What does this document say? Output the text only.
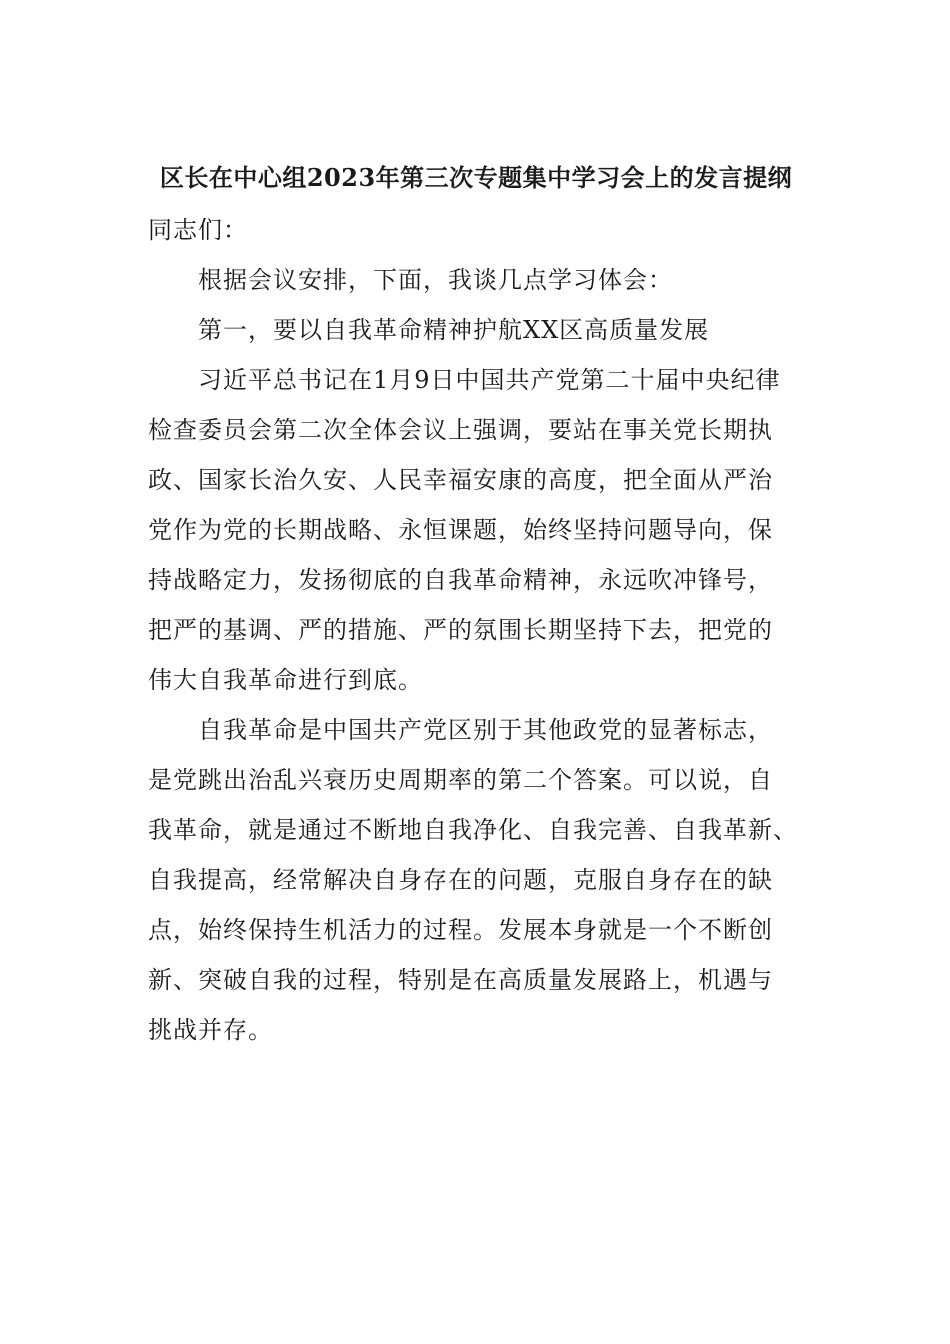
区长在中心组2023年第三次专题集中学习会上的发言提纲
同志们：
根据会议安排，下面，我谈几点学习体会：
第一，要以自我革命精神护航XX区高质量发展
习近平总书记在1月9日中国共产党第二十届中央纪律
检查委员会第二次全体会议上强调，要站在事关党长期执
政、国家长治久安、人民幸福安康的高度，把全面从严治
党作为党的长期战略、永恒课题，始终坚持问题导向，保
持战略定力，发扬彻底的自我革命精神，永远吹冲锋号，
把严的基调、严的措施、严的氛围长期坚持下去，把党的
伟大自我革命进行到底。
自我革命是中国共产党区别于其他政党的显著标志，
是党跳出治乱兴衰历史周期率的第二个答案。可以说，自
我革命，就是通过不断地自我净化、自我完善、自我革新、
自我提高，经常解决自身存在的问题，克服自身存在的缺
点，始终保持生机活力的过程。发展本身就是一个不断创
新、突破自我的过程，特别是在高质量发展路上，机遇与
挑战并存。
